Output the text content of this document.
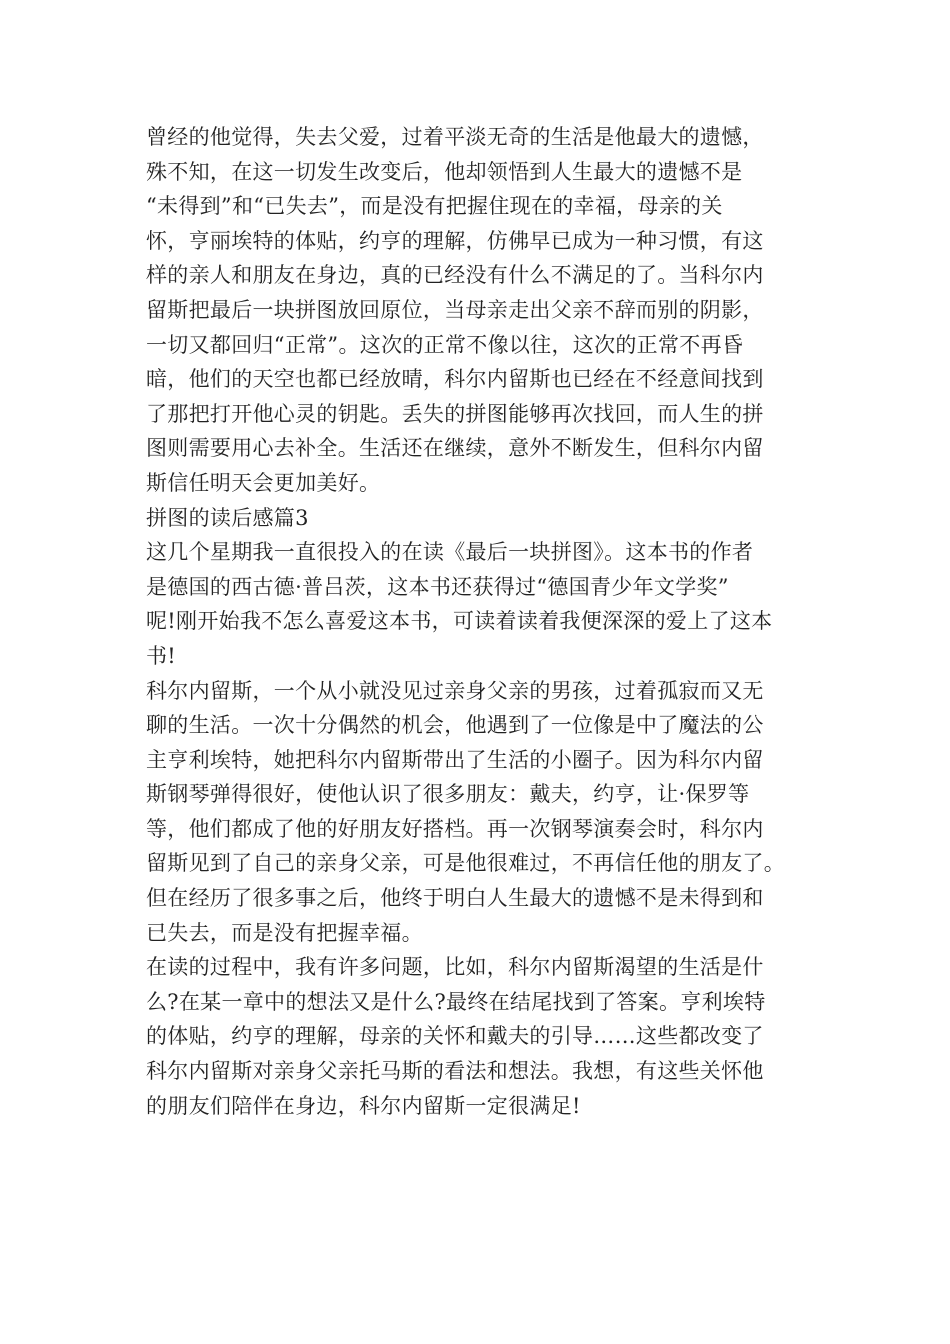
曾经的他觉得，失去父爱，过着平淡无奇的生活是他最大的遗憾，

殊不知，在这一切发生改变后，他却领悟到人生最大的遗憾不是

“未得到”和“已失去”，而是没有把握住现在的幸福，母亲的关

怀，亨丽埃特的体贴，约亨的理解，仿佛早已成为一种习惯，有这

样的亲人和朋友在身边，真的已经没有什么不满足的了。当科尔内

留斯把最后一块拼图放回原位，当母亲走出父亲不辞而别的阴影，

一切又都回归“正常”。这次的正常不像以往，这次的正常不再昏

暗，他们的天空也都已经放晴，科尔内留斯也已经在不经意间找到

了那把打开他心灵的钥匙。丢失的拼图能够再次找回，而人生的拼

图则需要用心去补全。生活还在继续，意外不断发生，但科尔内留

斯信任明天会更加美好。

拼图的读后感篇3

这几个星期我一直很投入的在读《最后一块拼图》。这本书的作者

是德国的西古德·普吕茨，这本书还获得过“德国青少年文学奖”

呢!刚开始我不怎么喜爱这本书，可读着读着我便深深的爱上了这本

书!

科尔内留斯，一个从小就没见过亲身父亲的男孩，过着孤寂而又无

聊的生活。一次十分偶然的机会，他遇到了一位像是中了魔法的公

主亨利埃特，她把科尔内留斯带出了生活的小圈子。因为科尔内留

斯钢琴弹得很好，使他认识了很多朋友：戴夫，约亨，让·保罗等

等，他们都成了他的好朋友好搭档。再一次钢琴演奏会时，科尔内

留斯见到了自己的亲身父亲，可是他很难过，不再信任他的朋友了。

但在经历了很多事之后，他终于明白人生最大的遗憾不是未得到和

已失去，而是没有把握幸福。

在读的过程中，我有许多问题，比如，科尔内留斯渴望的生活是什

么?在某一章中的想法又是什么?最终在结尾找到了答案。亨利埃特

的体贴，约亨的理解，母亲的关怀和戴夫的引导……这些都改变了

科尔内留斯对亲身父亲托马斯的看法和想法。我想，有这些关怀他

的朋友们陪伴在身边，科尔内留斯一定很满足!
